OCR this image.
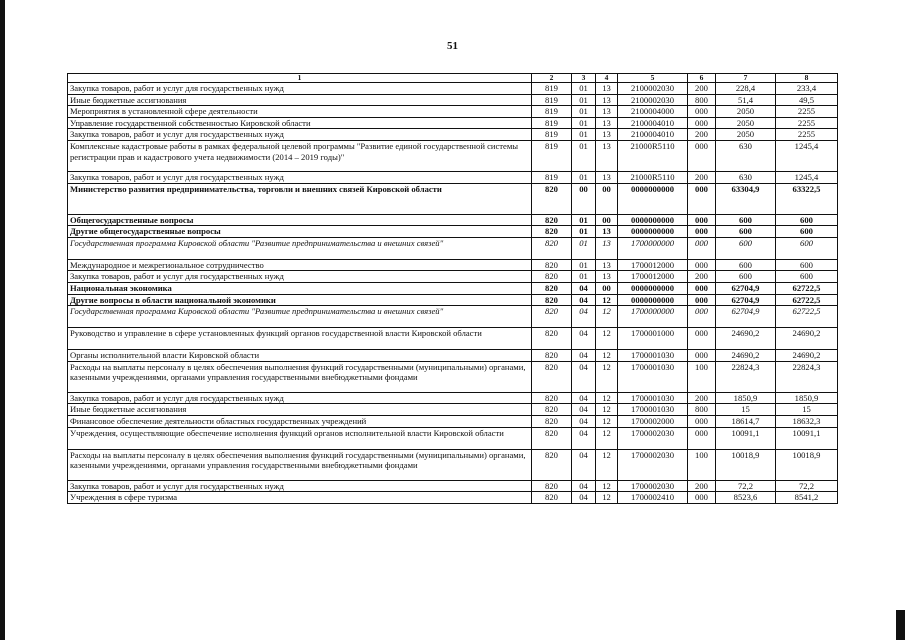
51
1	2	3	4	5	6	7	8
Закупка товаров, работ и услуг для государственных нужд	819	01	13	2100002030	200	228,4	233,4
Иные бюджетные ассигнования	819	01	13	2100002030	800	51,4	49,5
Мероприятия в установленной сфере деятельности	819	01	13	2100004000	000	2050	2255
Управление государственной собственностью Кировской области	819	01	13	2100004010	000	2050	2255
Закупка товаров, работ и услуг для государственных нужд	819	01	13	2100004010	200	2050	2255
Комплексные кадастровые работы в рамках федеральной целевой программы "Развитие единой государственной системы регистрации прав и кадастрового учета недвижимости (2014 – 2019 годы)"	819	01	13	21000R5110	000	630	1245,4
Закупка товаров, работ и услуг для государственных нужд	819	01	13	21000R5110	200	630	1245,4
Министерство развития предпринимательства, торговли и внешних связей Кировской области	820	00	00	0000000000	000	63304,9	63322,5
Общегосударственные вопросы	820	01	00	0000000000	000	600	600
Другие общегосударственные вопросы	820	01	13	0000000000	000	600	600
Государственная программа Кировской области "Развитие предпринимательства и внешних связей"	820	01	13	1700000000	000	600	600
Международное и межрегиональное сотрудничество	820	01	13	1700012000	000	600	600
Закупка товаров, работ и услуг для государственных нужд	820	01	13	1700012000	200	600	600
Национальная экономика	820	04	00	0000000000	000	62704,9	62722,5
Другие вопросы в области национальной экономики	820	04	12	0000000000	000	62704,9	62722,5
Государственная программа Кировской области "Развитие предпринимательства и внешних связей"	820	04	12	1700000000	000	62704,9	62722,5
Руководство и управление в сфере установленных функций органов государственной власти Кировской области	820	04	12	1700001000	000	24690,2	24690,2
Органы исполнительной власти Кировской области	820	04	12	1700001030	000	24690,2	24690,2
Расходы на выплаты персоналу в целях обеспечения выполнения функций государственными (муниципальными) органами, казенными учреждениями, органами управления государственными внебюджетными фондами	820	04	12	1700001030	100	22824,3	22824,3
Закупка товаров, работ и услуг для государственных нужд	820	04	12	1700001030	200	1850,9	1850,9
Иные бюджетные ассигнования	820	04	12	1700001030	800	15	15
Финансовое обеспечение деятельности областных государственных учреждений	820	04	12	1700002000	000	18614,7	18632,3
Учреждения, осуществляющие обеспечение исполнения функций органов исполнительной власти Кировской области	820	04	12	1700002030	000	10091,1	10091,1
Расходы на выплаты персоналу в целях обеспечения выполнения функций государственными (муниципальными) органами, казенными учреждениями, органами управления государственными внебюджетными фондами	820	04	12	1700002030	100	10018,9	10018,9
Закупка товаров, работ и услуг для государственных нужд	820	04	12	1700002030	200	72,2	72,2
Учреждения в сфере туризма	820	04	12	1700002410	000	8523,6	8541,2
